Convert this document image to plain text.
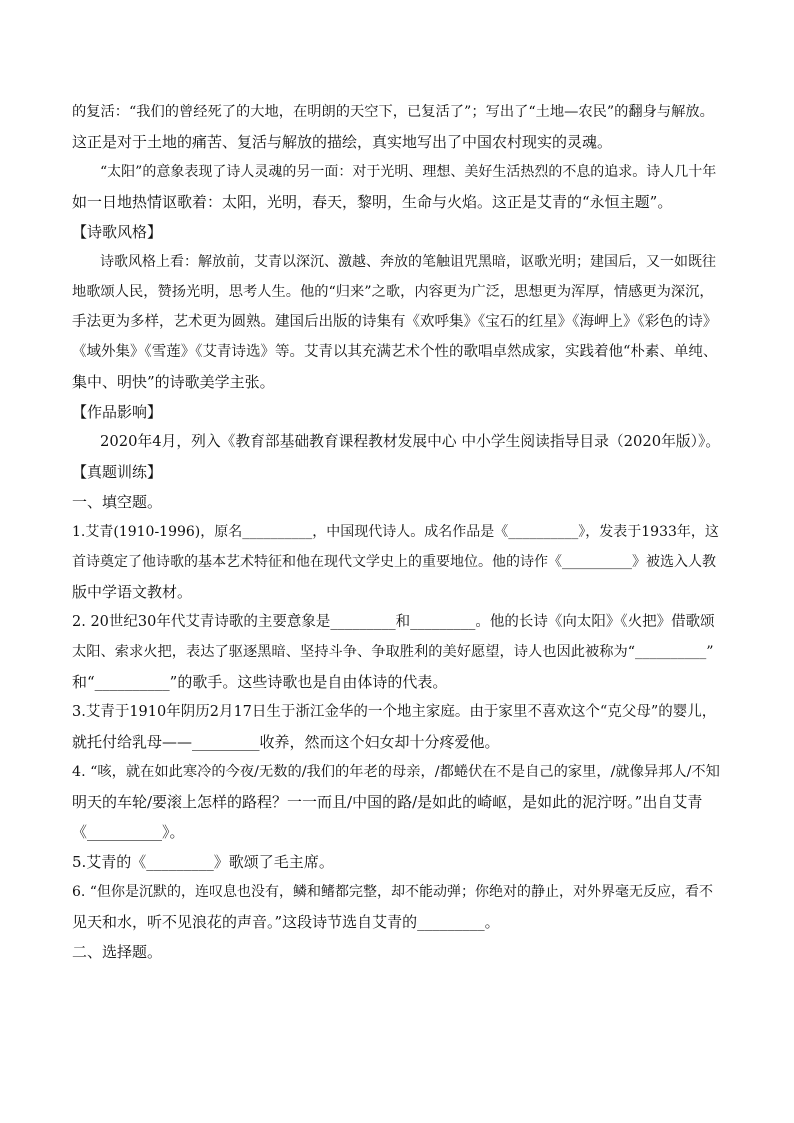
的复活：“我们的曾经死了的大地，在明朗的天空下，已复活了”；写出了“土地—农民”的翻身与解放。
这正是对于土地的痛苦、复活与解放的描绘，真实地写出了中国农村现实的灵魂。
“太阳”的意象表现了诗人灵魂的另一面：对于光明、理想、美好生活热烈的不息的追求。诗人几十年
如一日地热情讴歌着：太阳，光明，春天，黎明，生命与火焰。这正是艾青的“永恒主题”。
【诗歌风格】
诗歌风格上看：解放前，艾青以深沉、激越、奔放的笔触诅咒黑暗，讴歌光明；建国后，又一如既往
地歌颂人民，赞扬光明，思考人生。他的“归来”之歌，内容更为广泛，思想更为浑厚，情感更为深沉，
手法更为多样，艺术更为圆熟。建国后出版的诗集有《欢呼集》《宝石的红星》《海岬上》《彩色的诗》
《域外集》《雪莲》《艾青诗选》等。艾青以其充满艺术个性的歌唱卓然成家，实践着他“朴素、单纯、
集中、明快”的诗歌美学主张。
【作品影响】
2020年4月，列入《教育部基础教育课程教材发展中心 中小学生阅读指导目录（2020年版）》。
【真题训练】
一、填空题。
1.艾青(1910-1996)，原名__________，中国现代诗人。成名作品是《__________》，发表于1933年，这
首诗奠定了他诗歌的基本艺术特征和他在现代文学史上的重要地位。他的诗作《__________》被选入人教
版中学语文教材。
2. 20世纪30年代艾青诗歌的主要意象是_________和_________。他的长诗《向太阳》《火把》借歌颂
太阳、索求火把，表达了驱逐黑暗、坚持斗争、争取胜利的美好愿望，诗人也因此被称为“__________”
和“__________”的歌手。这些诗歌也是自由体诗的代表。
3.艾青于1910年阴历2月17日生于浙江金华的一个地主家庭。由于家里不喜欢这个“克父母”的婴儿，
就托付给乳母——_________收养，然而这个妇女却十分疼爱他。
4. “咳，就在如此寒冷的今夜/无数的/我们的年老的母亲，/都蜷伏在不是自己的家里，/就像异邦人/不知
明天的车轮/要滚上怎样的路程？一一而且/中国的路/是如此的崎岖，是如此的泥泞呀。”出自艾青
《__________》。
5.艾青的《_________》歌颂了毛主席。
6. “但你是沉默的，连叹息也没有，鳞和鳍都完整，却不能动弹；你绝对的静止，对外界毫无反应，看不
见天和水，听不见浪花的声音。”这段诗节选自艾青的_________。
二、选择题。
